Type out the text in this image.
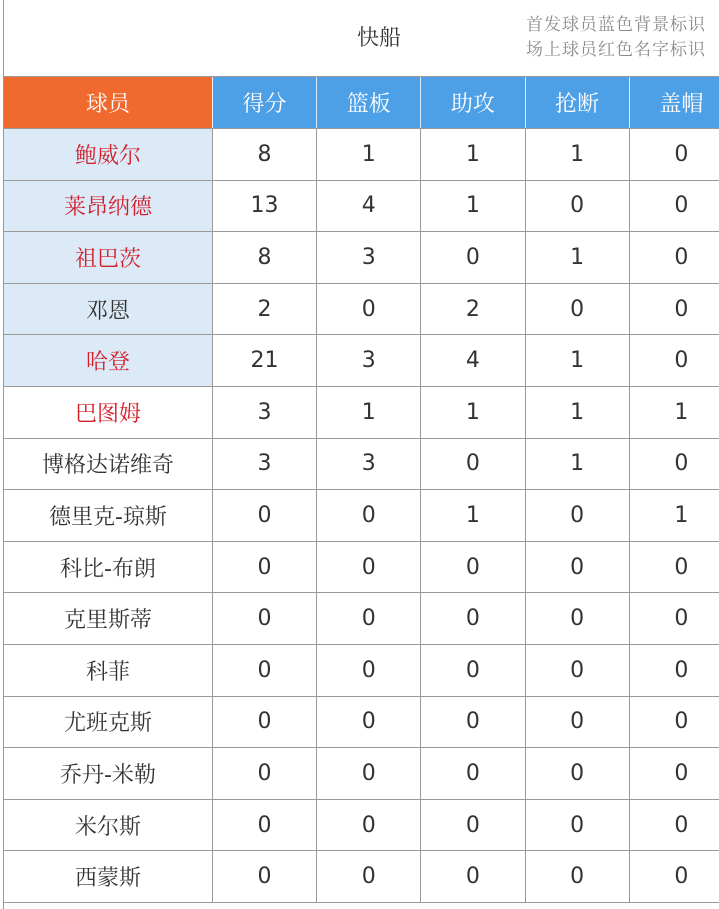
快船
首发球员蓝色背景标识
场上球员红色名字标识
球员	得分	篮板	助攻	抢断	盖帽
鲍威尔	8	1	1	1	0
莱昂纳德	13	4	1	0	0
祖巴茨	8	3	0	1	0
邓恩	2	0	2	0	0
哈登	21	3	4	1	0
巴图姆	3	1	1	1	1
博格达诺维奇	3	3	0	1	0
德里克-琼斯	0	0	1	0	1
科比-布朗	0	0	0	0	0
克里斯蒂	0	0	0	0	0
科菲	0	0	0	0	0
尤班克斯	0	0	0	0	0
乔丹-米勒	0	0	0	0	0
米尔斯	0	0	0	0	0
西蒙斯	0	0	0	0	0
